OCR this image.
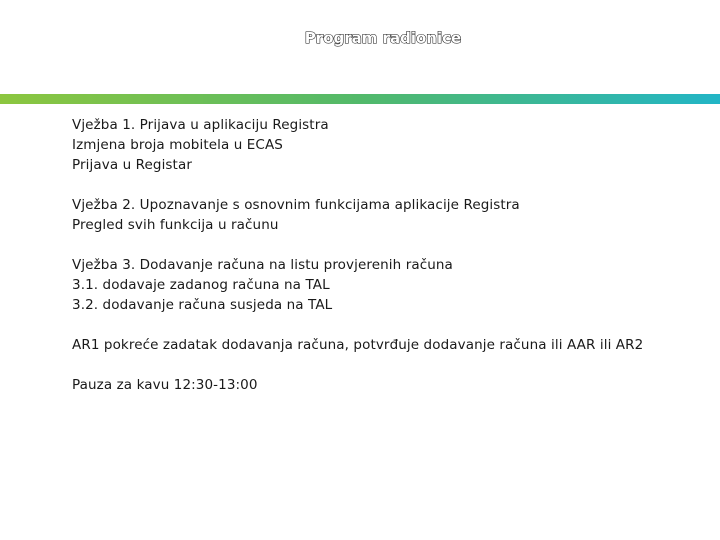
Program radionice
Vježba 1. Prijava u aplikaciju Registra
Izmjena broja mobitela u ECAS
Prijava u Registar
Vježba 2. Upoznavanje s osnovnim funkcijama aplikacije Registra
Pregled svih funkcija u računu
Vježba 3. Dodavanje računa na listu provjerenih računa
3.1. dodavaje zadanog računa na TAL
3.2. dodavanje računa susjeda na TAL
AR1 pokreće zadatak dodavanja računa, potvrđuje dodavanje računa ili AAR ili AR2
Pauza za kavu 12:30-13:00
